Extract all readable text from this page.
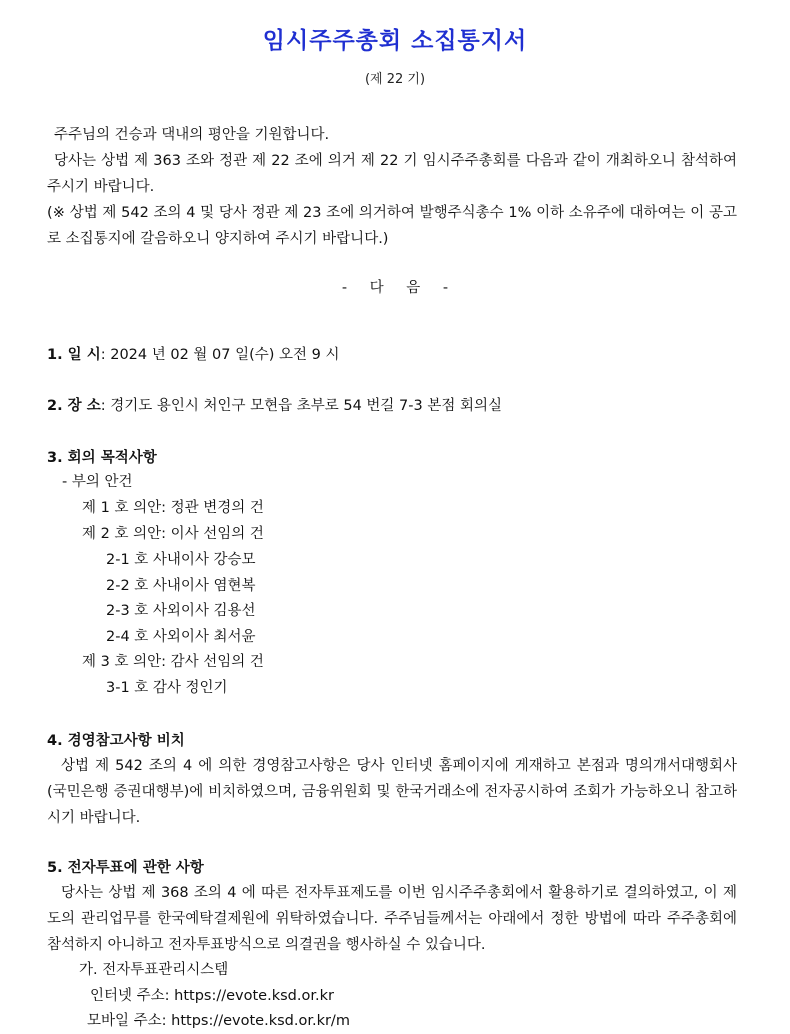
임시주주총회 소집통지서
(제 22 기)
주주님의 건승과 댁내의 평안을 기원합니다.
당사는 상법 제 363 조와 정관 제 22 조에 의거 제 22 기 임시주주총회를 다음과 같이 개최하오니 참석하여 주시기 바랍니다.
(※ 상법 제 542 조의 4 및 당사 정관 제 23 조에 의거하여 발행주식총수 1% 이하 소유주에 대하여는 이 공고로 소집통지에 갈음하오니 양지하여 주시기 바랍니다.)
- 다 음 -
1. 일 시: 2024 년 02 월 07 일(수) 오전 9 시
2. 장 소: 경기도 용인시 처인구 모현읍 초부로 54 번길 7-3 본점 회의실
3. 회의 목적사항
- 부의 안건
제 1 호 의안: 정관 변경의 건
제 2 호 의안: 이사 선임의 건
2-1 호 사내이사 강승모
2-2 호 사내이사 염현복
2-3 호 사외이사 김용선
2-4 호 사외이사 최서윤
제 3 호 의안: 감사 선임의 건
3-1 호 감사 정인기
4. 경영참고사항 비치
상법 제 542 조의 4 에 의한 경영참고사항은 당사 인터넷 홈페이지에 게재하고 본점과 명의개서대행회사(국민은행 증권대행부)에 비치하였으며, 금융위원회 및 한국거래소에 전자공시하여 조회가 가능하오니 참고하시기 바랍니다.
5. 전자투표에 관한 사항
당사는 상법 제 368 조의 4 에 따른 전자투표제도를 이번 임시주주총회에서 활용하기로 결의하였고, 이 제도의 관리업무를 한국예탁결제원에 위탁하였습니다. 주주님들께서는 아래에서 정한 방법에 따라 주주총회에 참석하지 아니하고 전자투표방식으로 의결권을 행사하실 수 있습니다.
가. 전자투표관리시스템
인터넷 주소: https://evote.ksd.or.kr
모바일 주소: https://evote.ksd.or.kr/m
